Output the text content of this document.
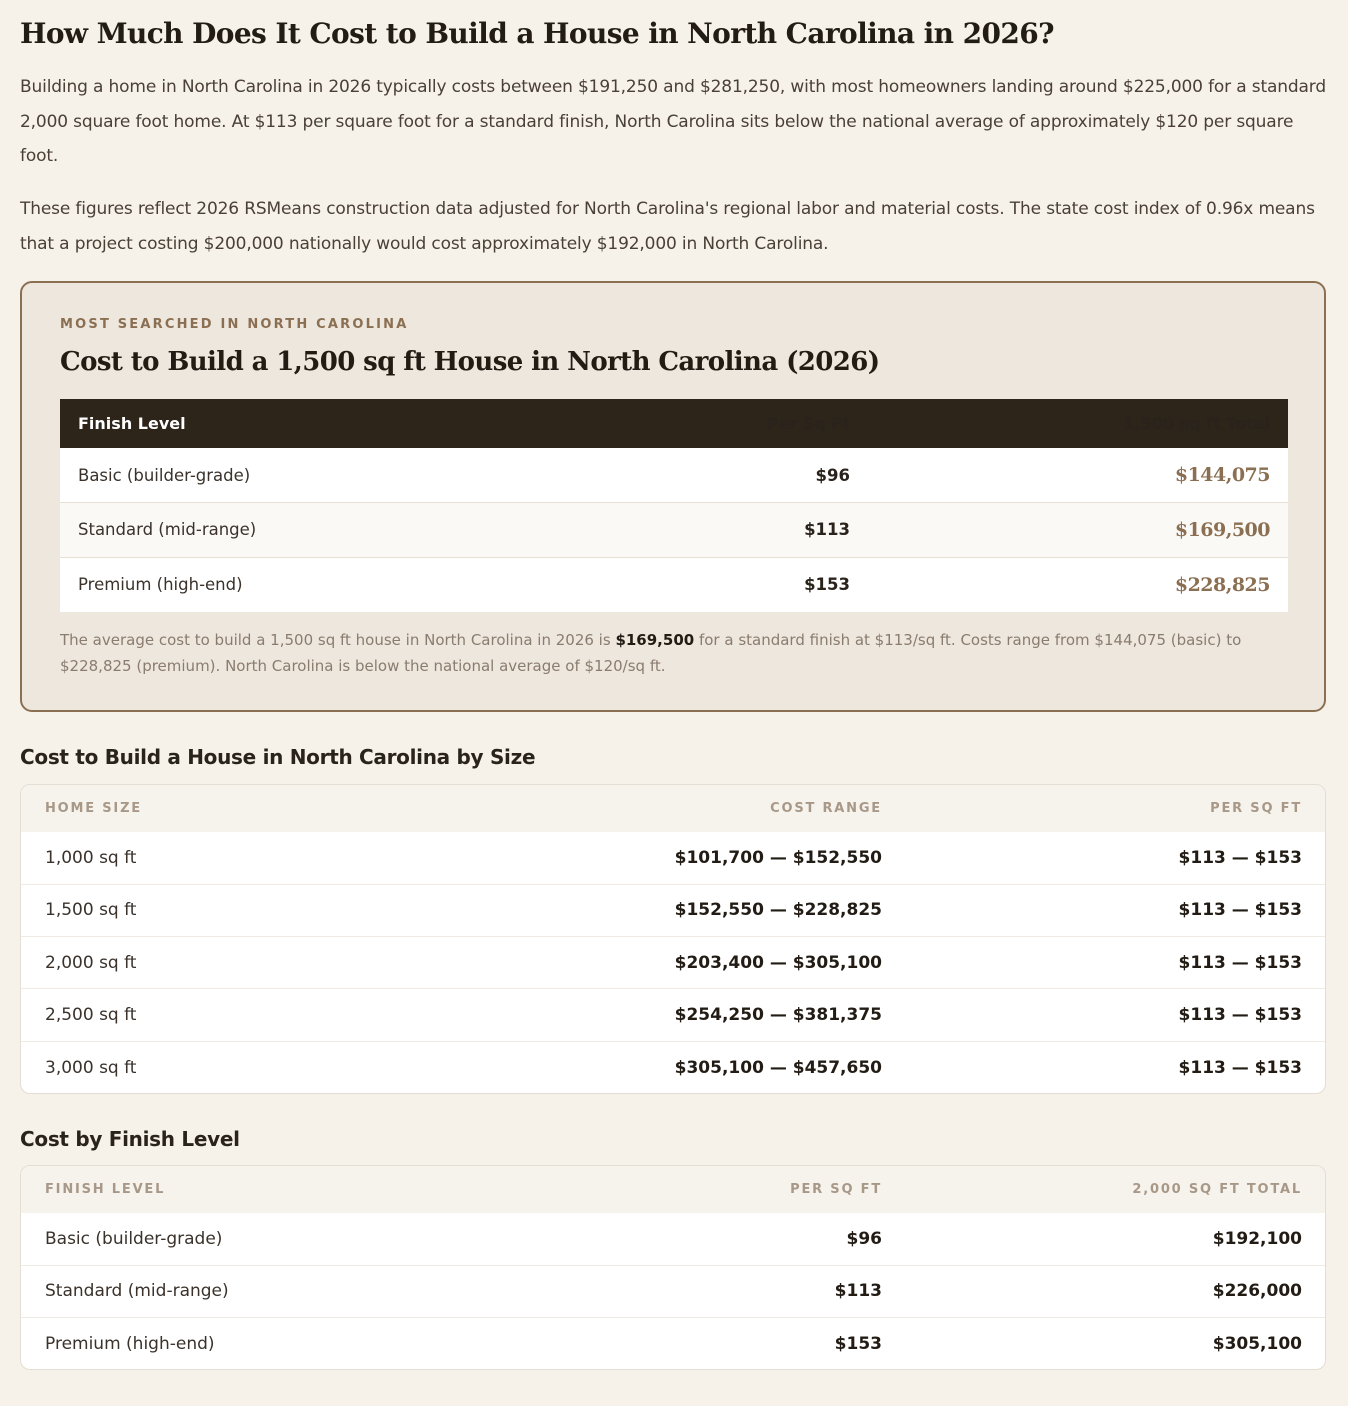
How Much Does It Cost to Build a House in North Carolina in 2026?

Building a home in North Carolina in 2026 typically costs between $191,250 and $281,250, with most homeowners landing around $225,000 for a standard 2,000 square foot home. At $113 per square foot for a standard finish, North Carolina sits below the national average of approximately $120 per square foot.

These figures reflect 2026 RSMeans construction data adjusted for North Carolina's regional labor and material costs. The state cost index of 0.96x means that a project costing $200,000 nationally would cost approximately $192,000 in North Carolina.

MOST SEARCHED IN NORTH CAROLINA
Cost to Build a 1,500 sq ft House in North Carolina (2026)
Finish Level	Per Sq Ft	1,500 sq ft Total
Basic (builder-grade)	$96	$144,075
Standard (mid-range)	$113	$169,500
Premium (high-end)	$153	$228,825

The average cost to build a 1,500 sq ft house in North Carolina in 2026 is $169,500 for a standard finish at $113/sq ft. Costs range from $144,075 (basic) to $228,825 (premium). North Carolina is below the national average of $120/sq ft.

Cost to Build a House in North Carolina by Size
HOME SIZE	COST RANGE	PER SQ FT
1,000 sq ft	$101,700 — $152,550	$113 — $153
1,500 sq ft	$152,550 — $228,825	$113 — $153
2,000 sq ft	$203,400 — $305,100	$113 — $153
2,500 sq ft	$254,250 — $381,375	$113 — $153
3,000 sq ft	$305,100 — $457,650	$113 — $153
Cost by Finish Level
FINISH LEVEL	PER SQ FT	2,000 SQ FT TOTAL
Basic (builder-grade)	$96	$192,100
Standard (mid-range)	$113	$226,000
Premium (high-end)	$153	$305,100
